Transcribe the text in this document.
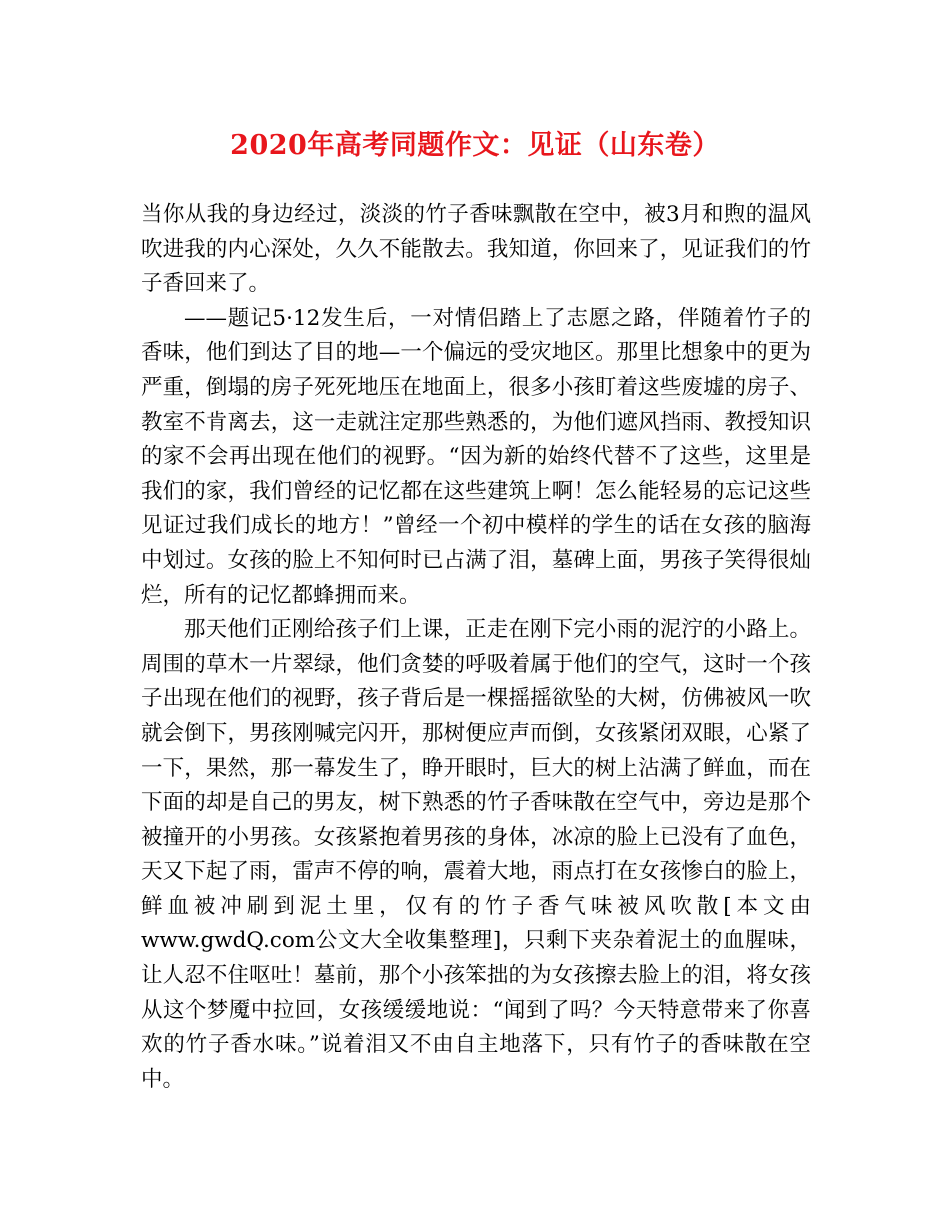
2020年高考同题作文：见证（山东卷）

当你从我的身边经过，淡淡的竹子香味飘散在空中，被3月和煦的温风吹进我的内心深处，久久不能散去。我知道，你回来了，见证我们的竹子香回来了。

——题记5·12发生后，一对情侣踏上了志愿之路，伴随着竹子的香味，他们到达了目的地—一个偏远的受灾地区。那里比想象中的更为严重，倒塌的房子死死地压在地面上，很多小孩盯着这些废墟的房子、教室不肯离去，这一走就注定那些熟悉的，为他们遮风挡雨、教授知识的家不会再出现在他们的视野。“因为新的始终代替不了这些，这里是我们的家，我们曾经的记忆都在这些建筑上啊！怎么能轻易的忘记这些见证过我们成长的地方！”曾经一个初中模样的学生的话在女孩的脑海中划过。女孩的脸上不知何时已占满了泪，墓碑上面，男孩子笑得很灿烂，所有的记忆都蜂拥而来。

那天他们正刚给孩子们上课，正走在刚下完小雨的泥泞的小路上。周围的草木一片翠绿，他们贪婪的呼吸着属于他们的空气，这时一个孩子出现在他们的视野，孩子背后是一棵摇摇欲坠的大树，仿佛被风一吹就会倒下，男孩刚喊完闪开，那树便应声而倒，女孩紧闭双眼，心紧了一下，果然，那一幕发生了，睁开眼时，巨大的树上沾满了鲜血，而在下面的却是自己的男友，树下熟悉的竹子香味散在空气中，旁边是那个被撞开的小男孩。女孩紧抱着男孩的身体，冰凉的脸上已没有了血色，天又下起了雨，雷声不停的响，震着大地，雨点打在女孩惨白的脸上，鲜血被冲刷到泥土里，仅有的竹子香气味被风吹散[本文由www.gwdQ.com公文大全收集整理]，只剩下夹杂着泥土的血腥味，让人忍不住呕吐！墓前，那个小孩笨拙的为女孩擦去脸上的泪，将女孩从这个梦魇中拉回，女孩缓缓地说：“闻到了吗？今天特意带来了你喜欢的竹子香水味。”说着泪又不由自主地落下，只有竹子的香味散在空中。
